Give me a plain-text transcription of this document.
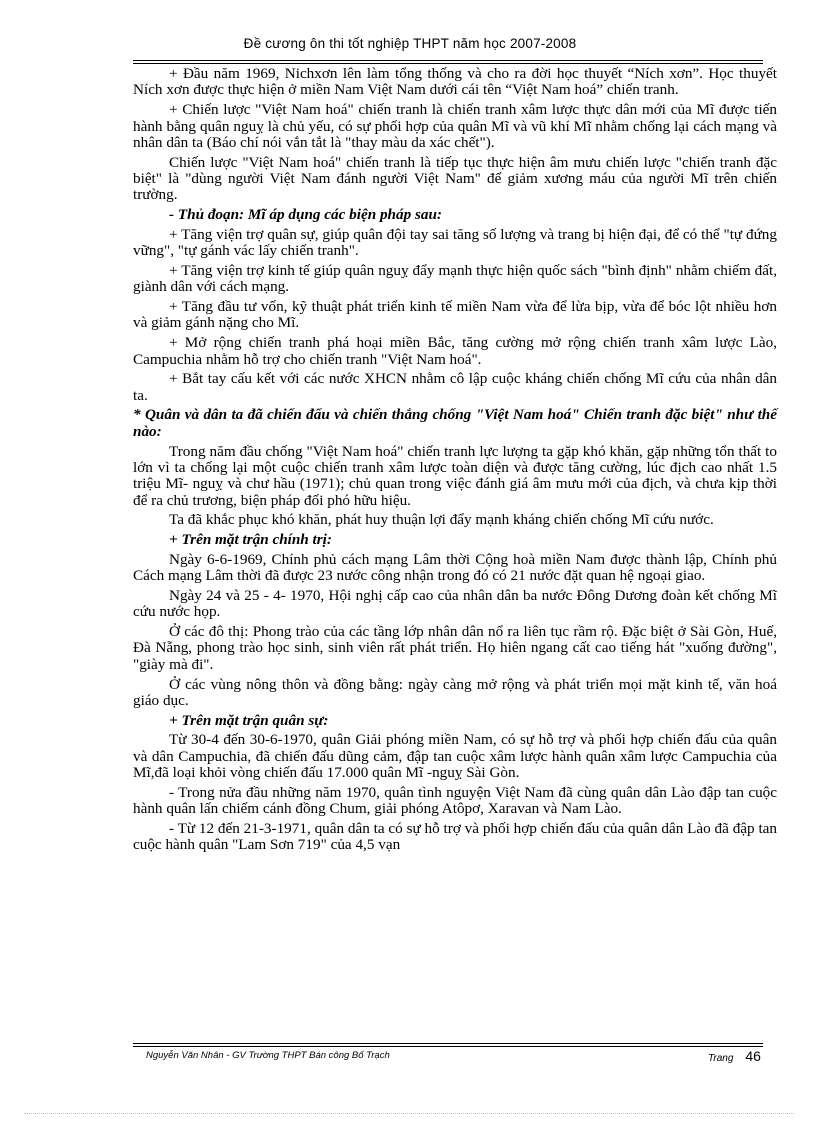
Đề cương ôn thi tốt nghiệp THPT năm học 2007-2008

+ Đầu năm 1969, Nichxơn lên làm tổng thống và cho ra đời học thuyết “Ních xơn”. Học thuyết Ních xơn được thực hiện ở miền Nam Việt Nam dưới cái tên “Việt Nam hoá” chiến tranh.

+ Chiến lược "Việt Nam hoá" chiến tranh là chiến tranh xâm lược thực dân mới của Mĩ được tiến hành bằng quân nguỵ là chủ yếu, có sự phối hợp của quân Mĩ và vũ khí Mĩ nhằm chống lại cách mạng và nhân dân ta (Báo chí nói vắn tắt là "thay màu da xác chết").

Chiến lược "Việt Nam hoá" chiến tranh là tiếp tục thực hiện âm mưu chiến lược "chiến tranh đặc biệt" là "dùng người Việt Nam đánh người Việt Nam" để giảm xương máu của người Mĩ trên chiến trường.

- Thủ đoạn: Mĩ áp dụng các biện pháp sau:

+ Tăng viện trợ quân sự, giúp quân đội tay sai tăng số lượng và trang bị hiện đại, để có thể "tự đứng vững", "tự gánh vác lấy chiến tranh".

+ Tăng viện trợ kinh tế giúp quân nguỵ đẩy mạnh thực hiện quốc sách "bình định" nhằm chiếm đất, giành dân với cách mạng.

+ Tăng đầu tư vốn, kỹ thuật phát triển kinh tế miền Nam vừa để lừa bịp, vừa để bóc lột nhiều hơn và giảm gánh nặng cho Mĩ.

+ Mở rộng chiến tranh phá hoại miền Bắc, tăng cường mở rộng chiến tranh xâm lược Lào, Campuchia nhằm hỗ trợ cho chiến tranh "Việt Nam hoá".

+ Bắt tay cấu kết với các nước XHCN nhằm cô lập cuộc kháng chiến chống Mĩ cứu của nhân dân ta.

* Quân và dân ta đã chiến đấu và chiến thắng chống "Việt Nam hoá" Chiến tranh đặc biệt" như thế nào:

Trong năm đầu chống "Việt Nam hoá" chiến tranh lực lượng ta gặp khó khăn, gặp những tổn thất to lớn vì ta chống lại một cuộc chiến tranh xâm lược toàn diện và được tăng cường, lúc địch cao nhất 1.5 triệu Mĩ- nguỵ và chư hầu (1971); chủ quan trong việc đánh giá âm mưu mới của địch, và chưa kịp thời để ra chủ trương, biện pháp đối phó hữu hiệu.

Ta đã khắc phục khó khăn, phát huy thuận lợi đẩy mạnh kháng chiến chống Mĩ cứu nước.

+ Trên mặt trận chính trị:

Ngày 6-6-1969, Chính phủ cách mạng Lâm thời Cộng hoà miền Nam được thành lập, Chính phủ Cách mạng Lâm thời đã được 23 nước công nhận trong đó có 21 nước đặt quan hệ ngoại giao.

Ngày 24 và 25 - 4- 1970, Hội nghị cấp cao của nhân dân ba nước Đông Dương đoàn kết chống Mĩ cứu nước họp.

Ở các đô thị: Phong trào của các tầng lớp nhân dân nổ ra liên tục rầm rộ. Đặc biệt ở Sài Gòn, Huế, Đà Nẵng, phong trào học sinh, sinh viên rất phát triển. Họ hiên ngang cất cao tiếng hát "xuống đường", "giày mà đi".

Ở các vùng nông thôn và đồng bằng: ngày càng mở rộng và phát triển mọi mặt kinh tế, văn hoá giáo dục.

+ Trên mặt trận quân sự:

Từ 30-4 đến 30-6-1970, quân Giải phóng miền Nam, có sự hỗ trợ và phối hợp chiến đấu của quân và dân Campuchia, đã chiến đấu dũng cảm, đập tan cuộc xâm lược hành quân xâm lược Campuchia của Mĩ,đã loại khỏi vòng chiến đấu 17.000 quân Mĩ -nguỵ Sài Gòn.

- Trong nửa đầu những năm 1970, quân tình nguyện Việt Nam đã cùng quân dân Lào đập tan cuộc hành quân lấn chiếm cánh đồng Chum, giải phóng Atôpơ, Xaravan và Nam Lào.

- Từ 12 đến 21-3-1971, quân dân ta có sự hỗ trợ và phối hợp chiến đấu của quân dân Lào đã đập tan cuộc hành quân "Lam Sơn 719" của 4,5 vạn

Nguyễn Văn Nhân - GV Trường THPT Bán công Bố Trạch	Trang 46
